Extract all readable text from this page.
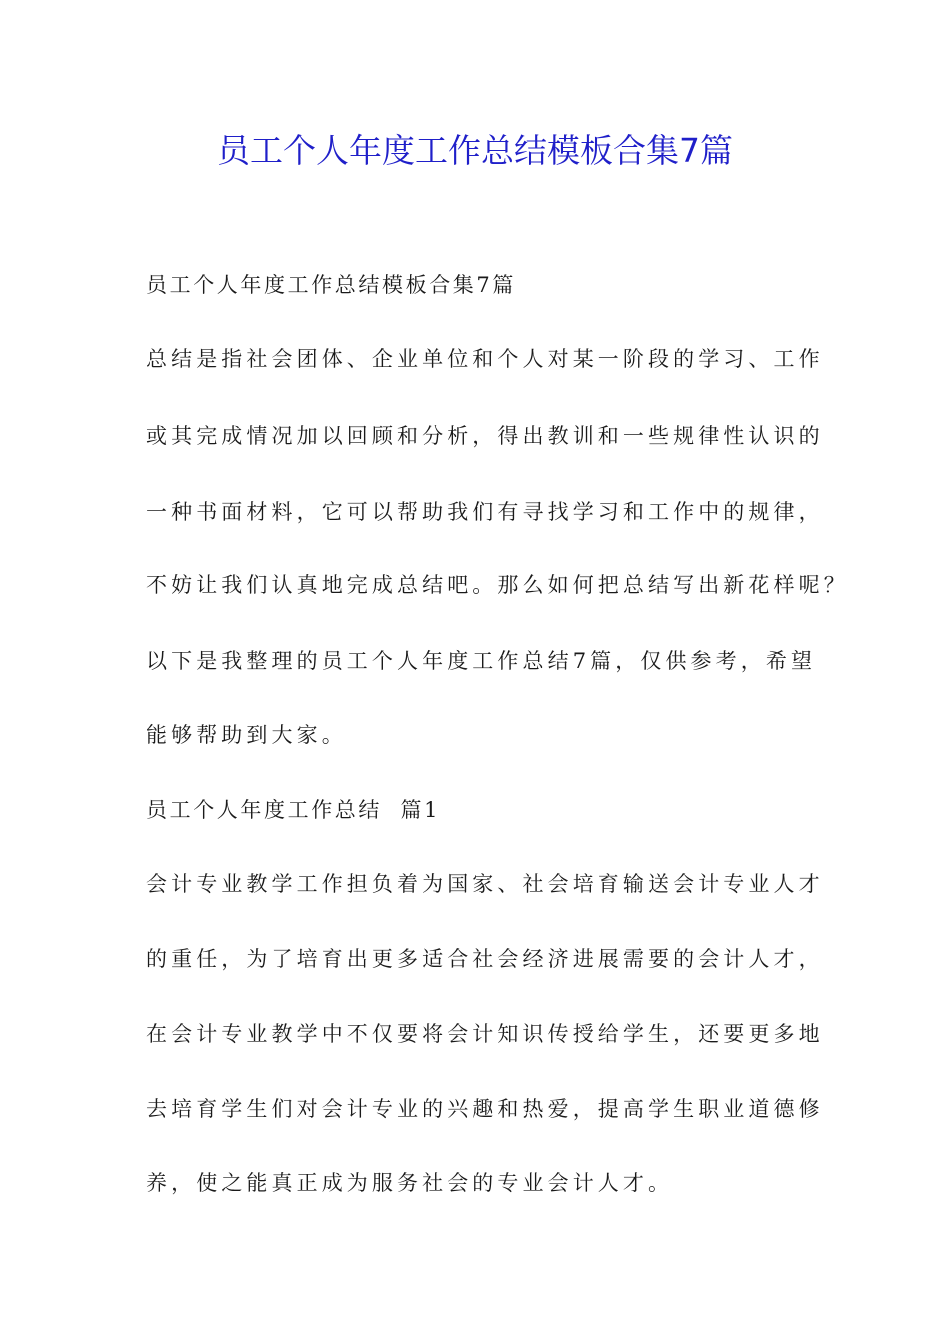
员工个人年度工作总结模板合集7篇

员工个人年度工作总结模板合集7篇

总结是指社会团体、企业单位和个人对某一阶段的学习、工作

或其完成情况加以回顾和分析，得出教训和一些规律性认识的

一种书面材料，它可以帮助我们有寻找学习和工作中的规律，

不妨让我们认真地完成总结吧。那么如何把总结写出新花样呢？

以下是我整理的员工个人年度工作总结7篇，仅供参考，希望

能够帮助到大家。

员工个人年度工作总结  篇1

会计专业教学工作担负着为国家、社会培育输送会计专业人才

的重任，为了培育出更多适合社会经济进展需要的会计人才，

在会计专业教学中不仅要将会计知识传授给学生，还要更多地

去培育学生们对会计专业的兴趣和热爱，提高学生职业道德修

养，使之能真正成为服务社会的专业会计人才。
